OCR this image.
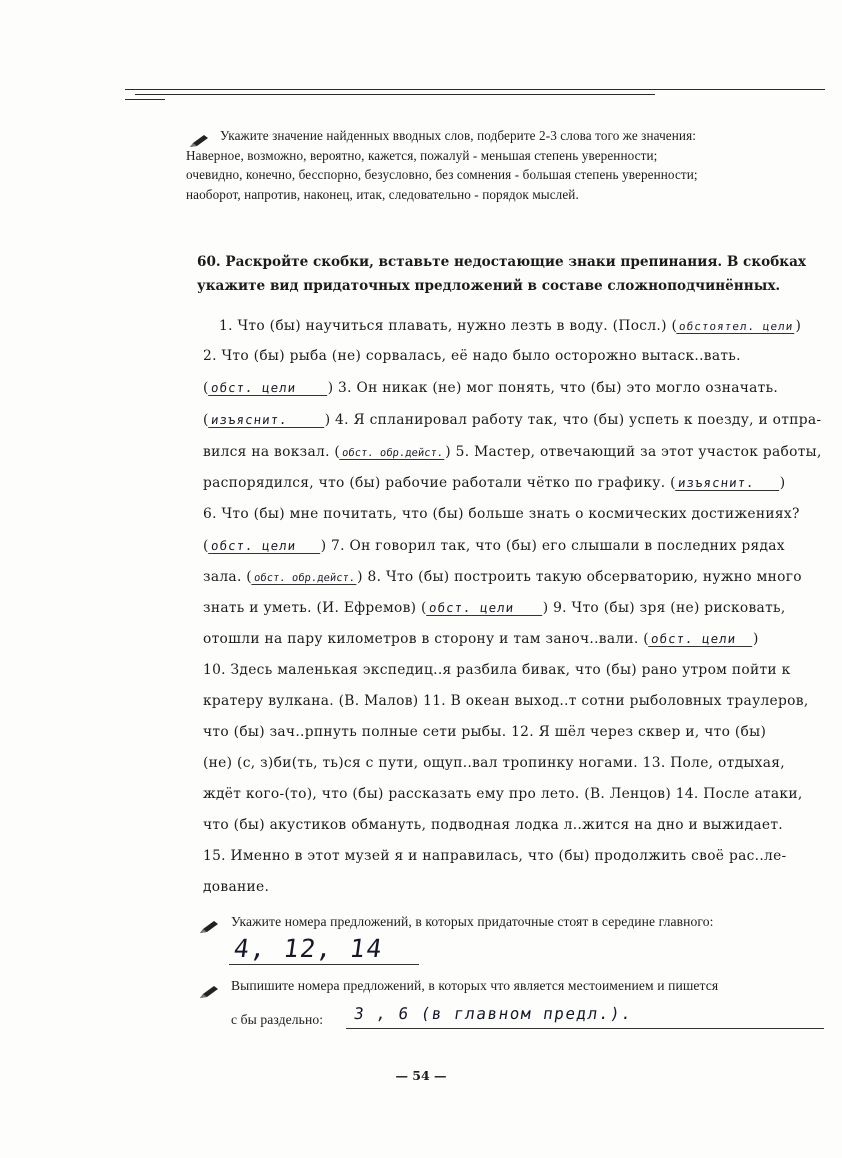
Укажите значение найденных вводных слов, подберите 2-3 слова того же значения:
Наверное, возможно, вероятно, кажется, пожалуй - меньшая степень уверенности;
очевидно, конечно, бесспорно, безусловно, без сомнения - большая степень уверенности;
наоборот, напротив, наконец, итак, следовательно - порядок мыслей.
60. Раскройте скобки, вставьте недостающие знаки препинания. В скобках укажите вид придаточных предложений в составе сложноподчинённых.
1. Что (бы) научиться плавать, нужно лезть в воду. (Посл.) (обстоятел. цели)
2. Что (бы) рыба (не) сорвалась, её надо было осторожно вытаск..вать.
(обст. цели ) 3. Он никак (не) мог понять, что (бы) это могло означать.
(изъяснит.	) 4. Я спланировал работу так, что (бы) успеть к поезду, и отпра-
вился на вокзал. (обст. обр.дейст.) 5. Мастер, отвечающий за этот участок работы,
распорядился, что (бы) рабочие работали чётко по графику. (изъяснит. )
6. Что (бы) мне почитать, что (бы) больше знать о космических достижениях?
(обст. цели ) 7. Он говорил так, что (бы) его слышали в последних рядах
зала. (обст. обр.дейст.) 8. Что (бы) построить такую обсерваторию, нужно много
знать и уметь. (И. Ефремов) (обст. цели ) 9. Что (бы) зря (не) рисковать,
отошли на пару километров в сторону и там заноч..вали. (обст. цели )
10. Здесь маленькая экспедиц..я разбила бивак, что (бы) рано утром пойти к
кратеру вулкана. (В. Малов) 11. В океан выход..т сотни рыболовных траулеров,
что (бы) зач..рпнуть полные сети рыбы. 12. Я шёл через сквер и, что (бы)
(не) (с, з)би(ть, ть)ся с пути, ощуп..вал тропинку ногами. 13. Поле, отдыхая,
ждёт кого-(то), что (бы) рассказать ему про лето. (В. Ленцов) 14. После атаки,
что (бы) акустиков обмануть, подводная лодка л..жится на дно и выжидает.
15. Именно в этот музей я и направилась, что (бы) продолжить своё рас..ле-
дование.
Укажите номера предложений, в которых придаточные стоят в середине главного:
4, 12, 14
Выпишите номера предложений, в которых что является местоимением и пишется
с бы раздельно: 3 , 6 (в главном предл.).
— 54 —
